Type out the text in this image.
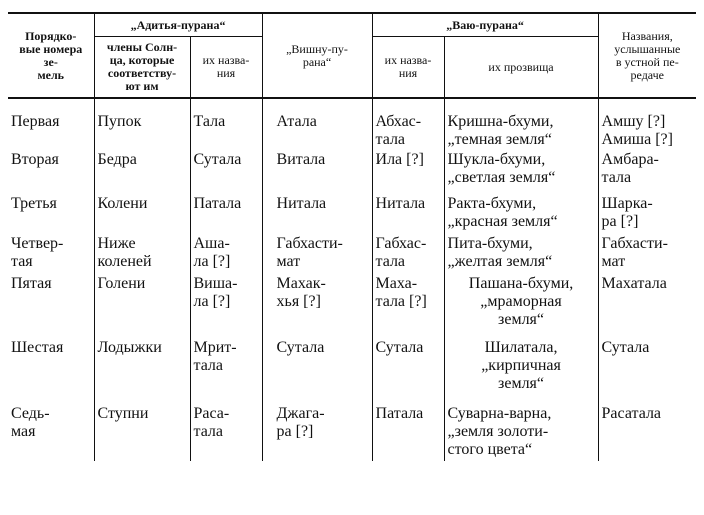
Порядко-
вые номера зе-
мель	„Адитья-пурана“		„Вишну-пу-
рана“	„Ваю-пурана“		Названия,
услышанные
в устной пе-
редаче

	члены Солн-
ца, которые
соответству-
ют им	их назва-
ния		их назва-
ния	их прозвища	

Первая	Пупок	Тала	Атала	Абхас-
тала	Кришна-бхуми,
„темная земля“	Амшу [?]
Амиша [?]

Вторая	Бедра	Сутала	Витала	Ила [?]	Шукла-бхуми,
„светлая земля“	Амбара-
тала

Третья	Колени	Патала	Нитала	Нитала	Ракта-бхуми,
„красная земля“	Шарка-
ра [?]

Четвер-
тая	Ниже
коленей	Аша-
ла [?]	Габхасти-
мат	Габхас-
тала	Пита-бхуми,
„желтая земля“	Габхасти-
мат

Пятая	Голени	Виша-
ла [?]	Махак-
хья [?]	Маха-
тала [?]	Пашана-бхуми,
„мраморная
земля“	Махатала

Шестая	Лодыжки	Мрит-
тала	Сутала	Сутала	Шилатала,
„кирпичная
земля“	Сутала

Седь-
мая	Ступни	Раса-
тала	Джага-
ра [?]	Патала	Суварна-варна,
„земля золоти-
стого цвета“	Расатала
